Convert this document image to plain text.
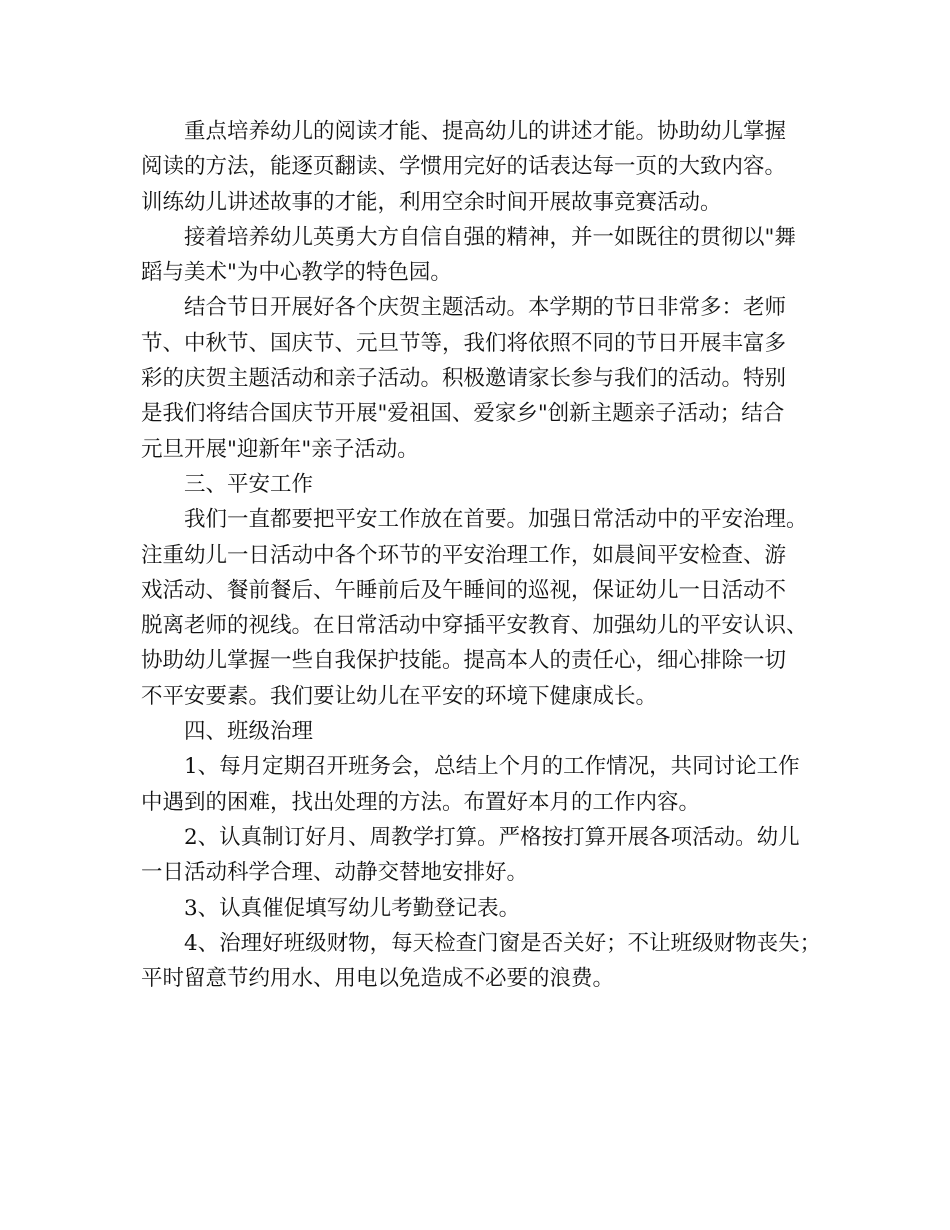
重点培养幼儿的阅读才能、提高幼儿的讲述才能。协助幼儿掌握
阅读的方法，能逐页翻读、学惯用完好的话表达每一页的大致内容。
训练幼儿讲述故事的才能，利用空余时间开展故事竞赛活动。
接着培养幼儿英勇大方自信自强的精神，并一如既往的贯彻以"舞
蹈与美术"为中心教学的特色园。
结合节日开展好各个庆贺主题活动。本学期的节日非常多：老师
节、中秋节、国庆节、元旦节等，我们将依照不同的节日开展丰富多
彩的庆贺主题活动和亲子活动。积极邀请家长参与我们的活动。特别
是我们将结合国庆节开展"爱祖国、爱家乡"创新主题亲子活动；结合
元旦开展"迎新年"亲子活动。
三、平安工作
我们一直都要把平安工作放在首要。加强日常活动中的平安治理。
注重幼儿一日活动中各个环节的平安治理工作，如晨间平安检查、游
戏活动、餐前餐后、午睡前后及午睡间的巡视，保证幼儿一日活动不
脱离老师的视线。在日常活动中穿插平安教育、加强幼儿的平安认识、
协助幼儿掌握一些自我保护技能。提高本人的责任心，细心排除一切
不平安要素。我们要让幼儿在平安的环境下健康成长。
四、班级治理
1、每月定期召开班务会，总结上个月的工作情况，共同讨论工作
中遇到的困难，找出处理的方法。布置好本月的工作内容。
2、认真制订好月、周教学打算。严格按打算开展各项活动。幼儿
一日活动科学合理、动静交替地安排好。
3、认真催促填写幼儿考勤登记表。
4、治理好班级财物，每天检查门窗是否关好；不让班级财物丧失；
平时留意节约用水、用电以免造成不必要的浪费。
